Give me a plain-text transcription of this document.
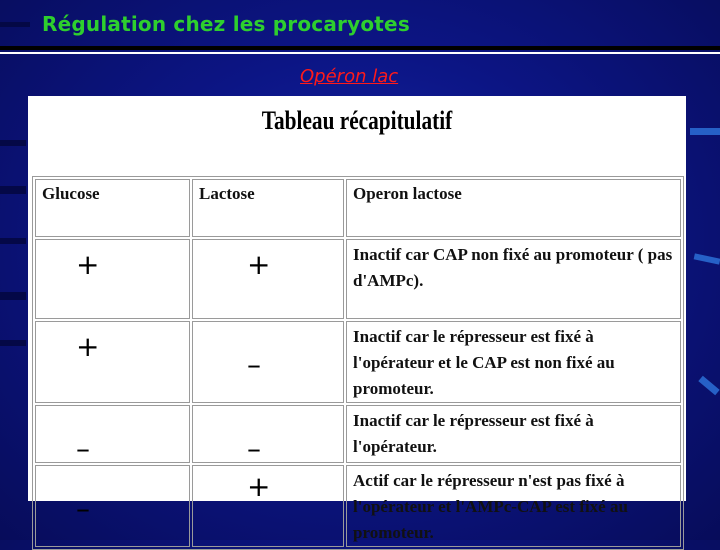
Régulation chez les procaryotes
Opéron lac
Tableau récapitulatif
Glucose	Lactose	Operon lactose

+	+	Inactif car CAP non fixé au promoteur ( pas d'AMPc).

+	–	Inactif car le répresseur est fixé à l'opérateur et le CAP est non fixé au promoteur.

–	–	Inactif car le répresseur est fixé à l'opérateur.

–	+	Actif car le répresseur n'est pas fixé à l'opérateur et l'AMPc-CAP est fixé au promoteur.
